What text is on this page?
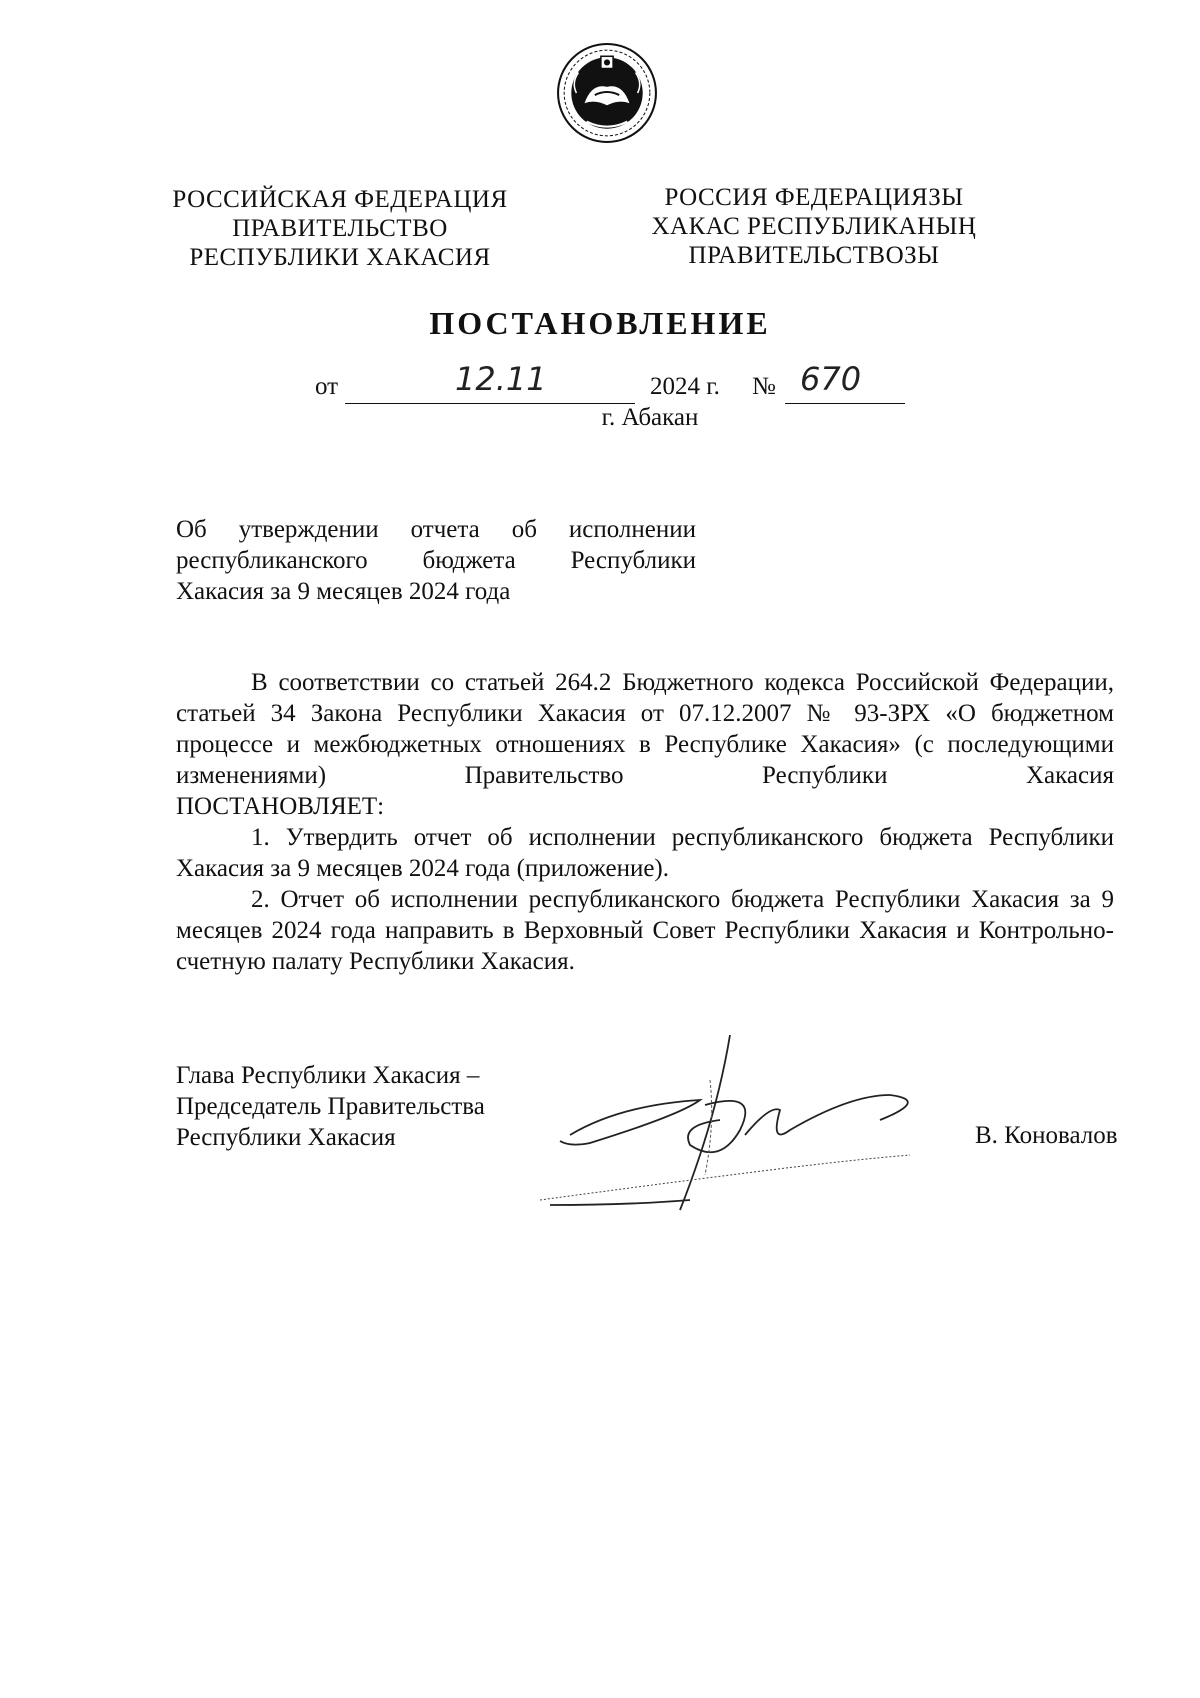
РОССИЙСКАЯ ФЕДЕРАЦИЯ
ПРАВИТЕЛЬСТВО
РЕСПУБЛИКИ ХАКАСИЯ
РОССИЯ ФЕДЕРАЦИЯЗЫ
ХАКАС РЕСПУБЛИКАНЫҢ
ПРАВИТЕЛЬСТВОЗЫ
ПОСТАНОВЛЕНИЕ
от	12.11	2024 г. № 670
г. Абакан
Об утверждении отчета об исполнении
республиканского бюджета Республики
Хакасия за 9 месяцев 2024 года

В соответствии со статьей 264.2 Бюджетного кодекса Российской Федерации, статьей 34 Закона Республики Хакасия от 07.12.2007 № 93-ЗРХ «О бюджетном процессе и межбюджетных отношениях в Республике Хакасия» (с последующими изменениями) Правительство Республики Хакасия

ПОСТАНОВЛЯЕТ:

1. Утвердить отчет об исполнении республиканского бюджета Республики Хакасия за 9 месяцев 2024 года (приложение).

2. Отчет об исполнении республиканского бюджета Республики Хакасия за 9 месяцев 2024 года направить в Верховный Совет Республики Хакасия и Контрольно-счетную палату Республики Хакасия.

Глава Республики Хакасия –
Председатель Правительства
Республики Хакасия	В. Коновалов
